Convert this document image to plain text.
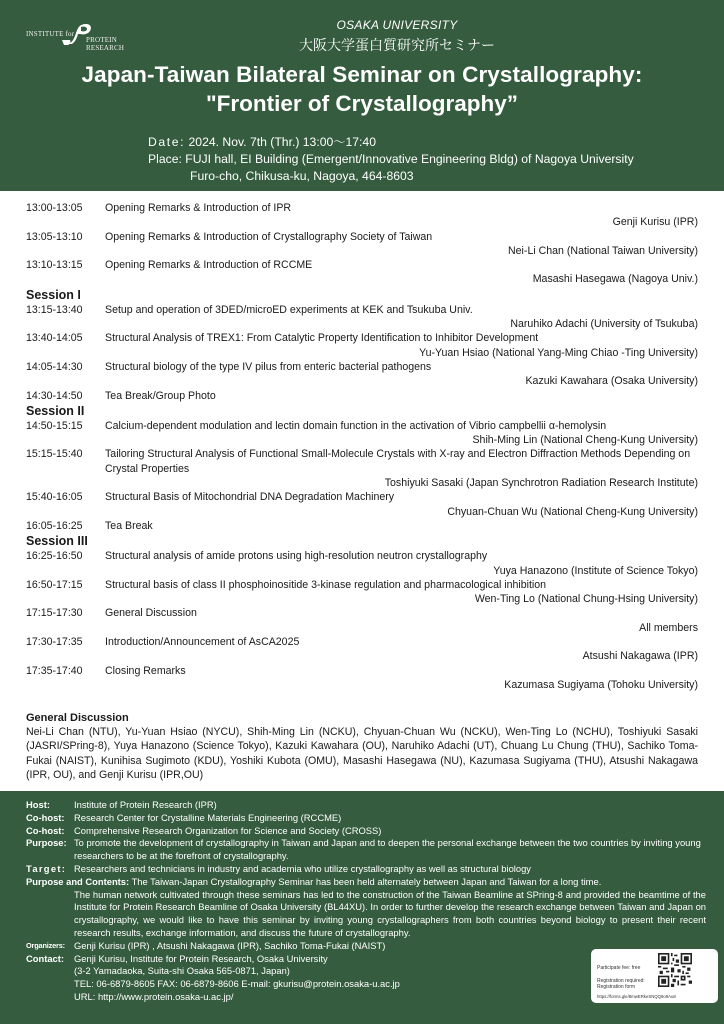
INSTITUTE for
PROTEIN RESEARCH
OSAKA UNIVERSITY
大阪大学蛋白質研究所セミナー
Japan-Taiwan Bilateral Seminar on Crystallography:
"Frontier of Crystallography”
Date: 2024. Nov. 7th (Thr.) 13:00〜17:40
Place: FUJI hall, EI Building (Emergent/Innovative Engineering Bldg) of Nagoya University
Furo-cho, Chikusa-ku, Nagoya, 464-8603
13:00-13:05	Opening Remarks & Introduction of IPR
Genji Kurisu (IPR)
13:05-13:10	Opening Remarks & Introduction of Crystallography Society of Taiwan
Nei-Li Chan (National Taiwan University)
13:10-13:15	Opening Remarks & Introduction of RCCME
Masashi Hasegawa (Nagoya Univ.)
Session I
13:15-13:40	Setup and operation of 3DED/microED experiments at KEK and Tsukuba Univ.
Naruhiko Adachi (University of Tsukuba)
13:40-14:05	Structural Analysis of TREX1: From Catalytic Property Identification to Inhibitor Development
Yu-Yuan Hsiao (National Yang-Ming Chiao -Ting University)
14:05-14:30	Structural biology of the type IV pilus from enteric bacterial pathogens
Kazuki Kawahara (Osaka University)
14:30-14:50	Tea Break/Group Photo
Session II
14:50-15:15	Calcium-dependent modulation and lectin domain function in the activation of Vibrio campbellii α-hemolysin
Shih-Ming Lin (National Cheng-Kung University)
15:15-15:40	Tailoring Structural Analysis of Functional Small-Molecule Crystals with X-ray and Electron Diffraction Methods Depending on Crystal Properties
Toshiyuki Sasaki (Japan Synchrotron Radiation Research Institute)
15:40-16:05	Structural Basis of Mitochondrial DNA Degradation Machinery
Chyuan-Chuan Wu (National Cheng-Kung University)
16:05-16:25	Tea Break
Session III
16:25-16:50	Structural analysis of amide protons using high-resolution neutron crystallography
Yuya Hanazono (Institute of Science Tokyo)
16:50-17:15	Structural basis of class II phosphoinositide 3-kinase regulation and pharmacological inhibition
Wen-Ting Lo (National Chung-Hsing University)
17:15-17:30	General Discussion
All members
17:30-17:35	Introduction/Announcement of AsCA2025
Atsushi Nakagawa (IPR)
17:35-17:40	Closing Remarks
Kazumasa Sugiyama (Tohoku University)
General Discussion

Nei-Li Chan (NTU), Yu-Yuan Hsiao (NYCU), Shih-Ming Lin (NCKU), Chyuan-Chuan Wu (NCKU), Wen-Ting Lo (NCHU), Toshiyuki Sasaki (JASRI/SPring-8), Yuya Hanazono (Science Tokyo), Kazuki Kawahara (OU), Naruhiko Adachi (UT), Chuang Lu Chung (THU), Sachiko Toma-Fukai (NAIST), Kunihisa Sugimoto (KDU), Yoshiki Kubota (OMU), Masashi Hasegawa (NU), Kazumasa Sugiyama (THU), Atsushi Nakagawa (IPR, OU), and Genji Kurisu (IPR,OU)

Host:	Institute of Protein Research (IPR)
Co-host:	Research Center for Crystalline Materials Engineering (RCCME)
Co-host:	Comprehensive Research Organization for Science and Society (CROSS)
Purpose: To promote the development of crystallography in Taiwan and Japan and to deepen the personal exchange between the two countries by inviting young researchers to be at the forefront of crystallography.
Target: Researchers and technicians in industry and academia who utilize crystallography as well as structural biology
Purpose and Contents: The Taiwan-Japan Crystallography Seminar has been held alternately between Japan and Taiwan for a long time.
The human network cultivated through these seminars has led to the construction of the Taiwan Beamline at SPring-8 and provided the beamtime of the Institute for Protein Research Beamline of Osaka University (BL44XU). In order to further develop the research exchange between Taiwan and Japan on crystallography, we would like to have this seminar by inviting young crystallographers from both countries beyond biology to present their recent research results, exchange information, and discuss the future of crystallography.
Organizers: Genji Kurisu (IPR) , Atsushi Nakagawa (IPR), Sachiko Toma-Fukai (NAIST)
Contact:	Genji Kurisu, Institute for Protein Research, Osaka University
(3-2 Yamadaoka, Suita-shi Osaka 565-0871, Japan)
TEL: 06-6879-8605 FAX: 06-6879-8606 E-mail: gkurisu@protein.osaka-u.ac.jp
URL: http://www.protein.osaka-u.ac.jp/
Participate fee: free
Registration required:
Registration form
https://forms.gle/8mwERkeSNQQ9o9Au8
